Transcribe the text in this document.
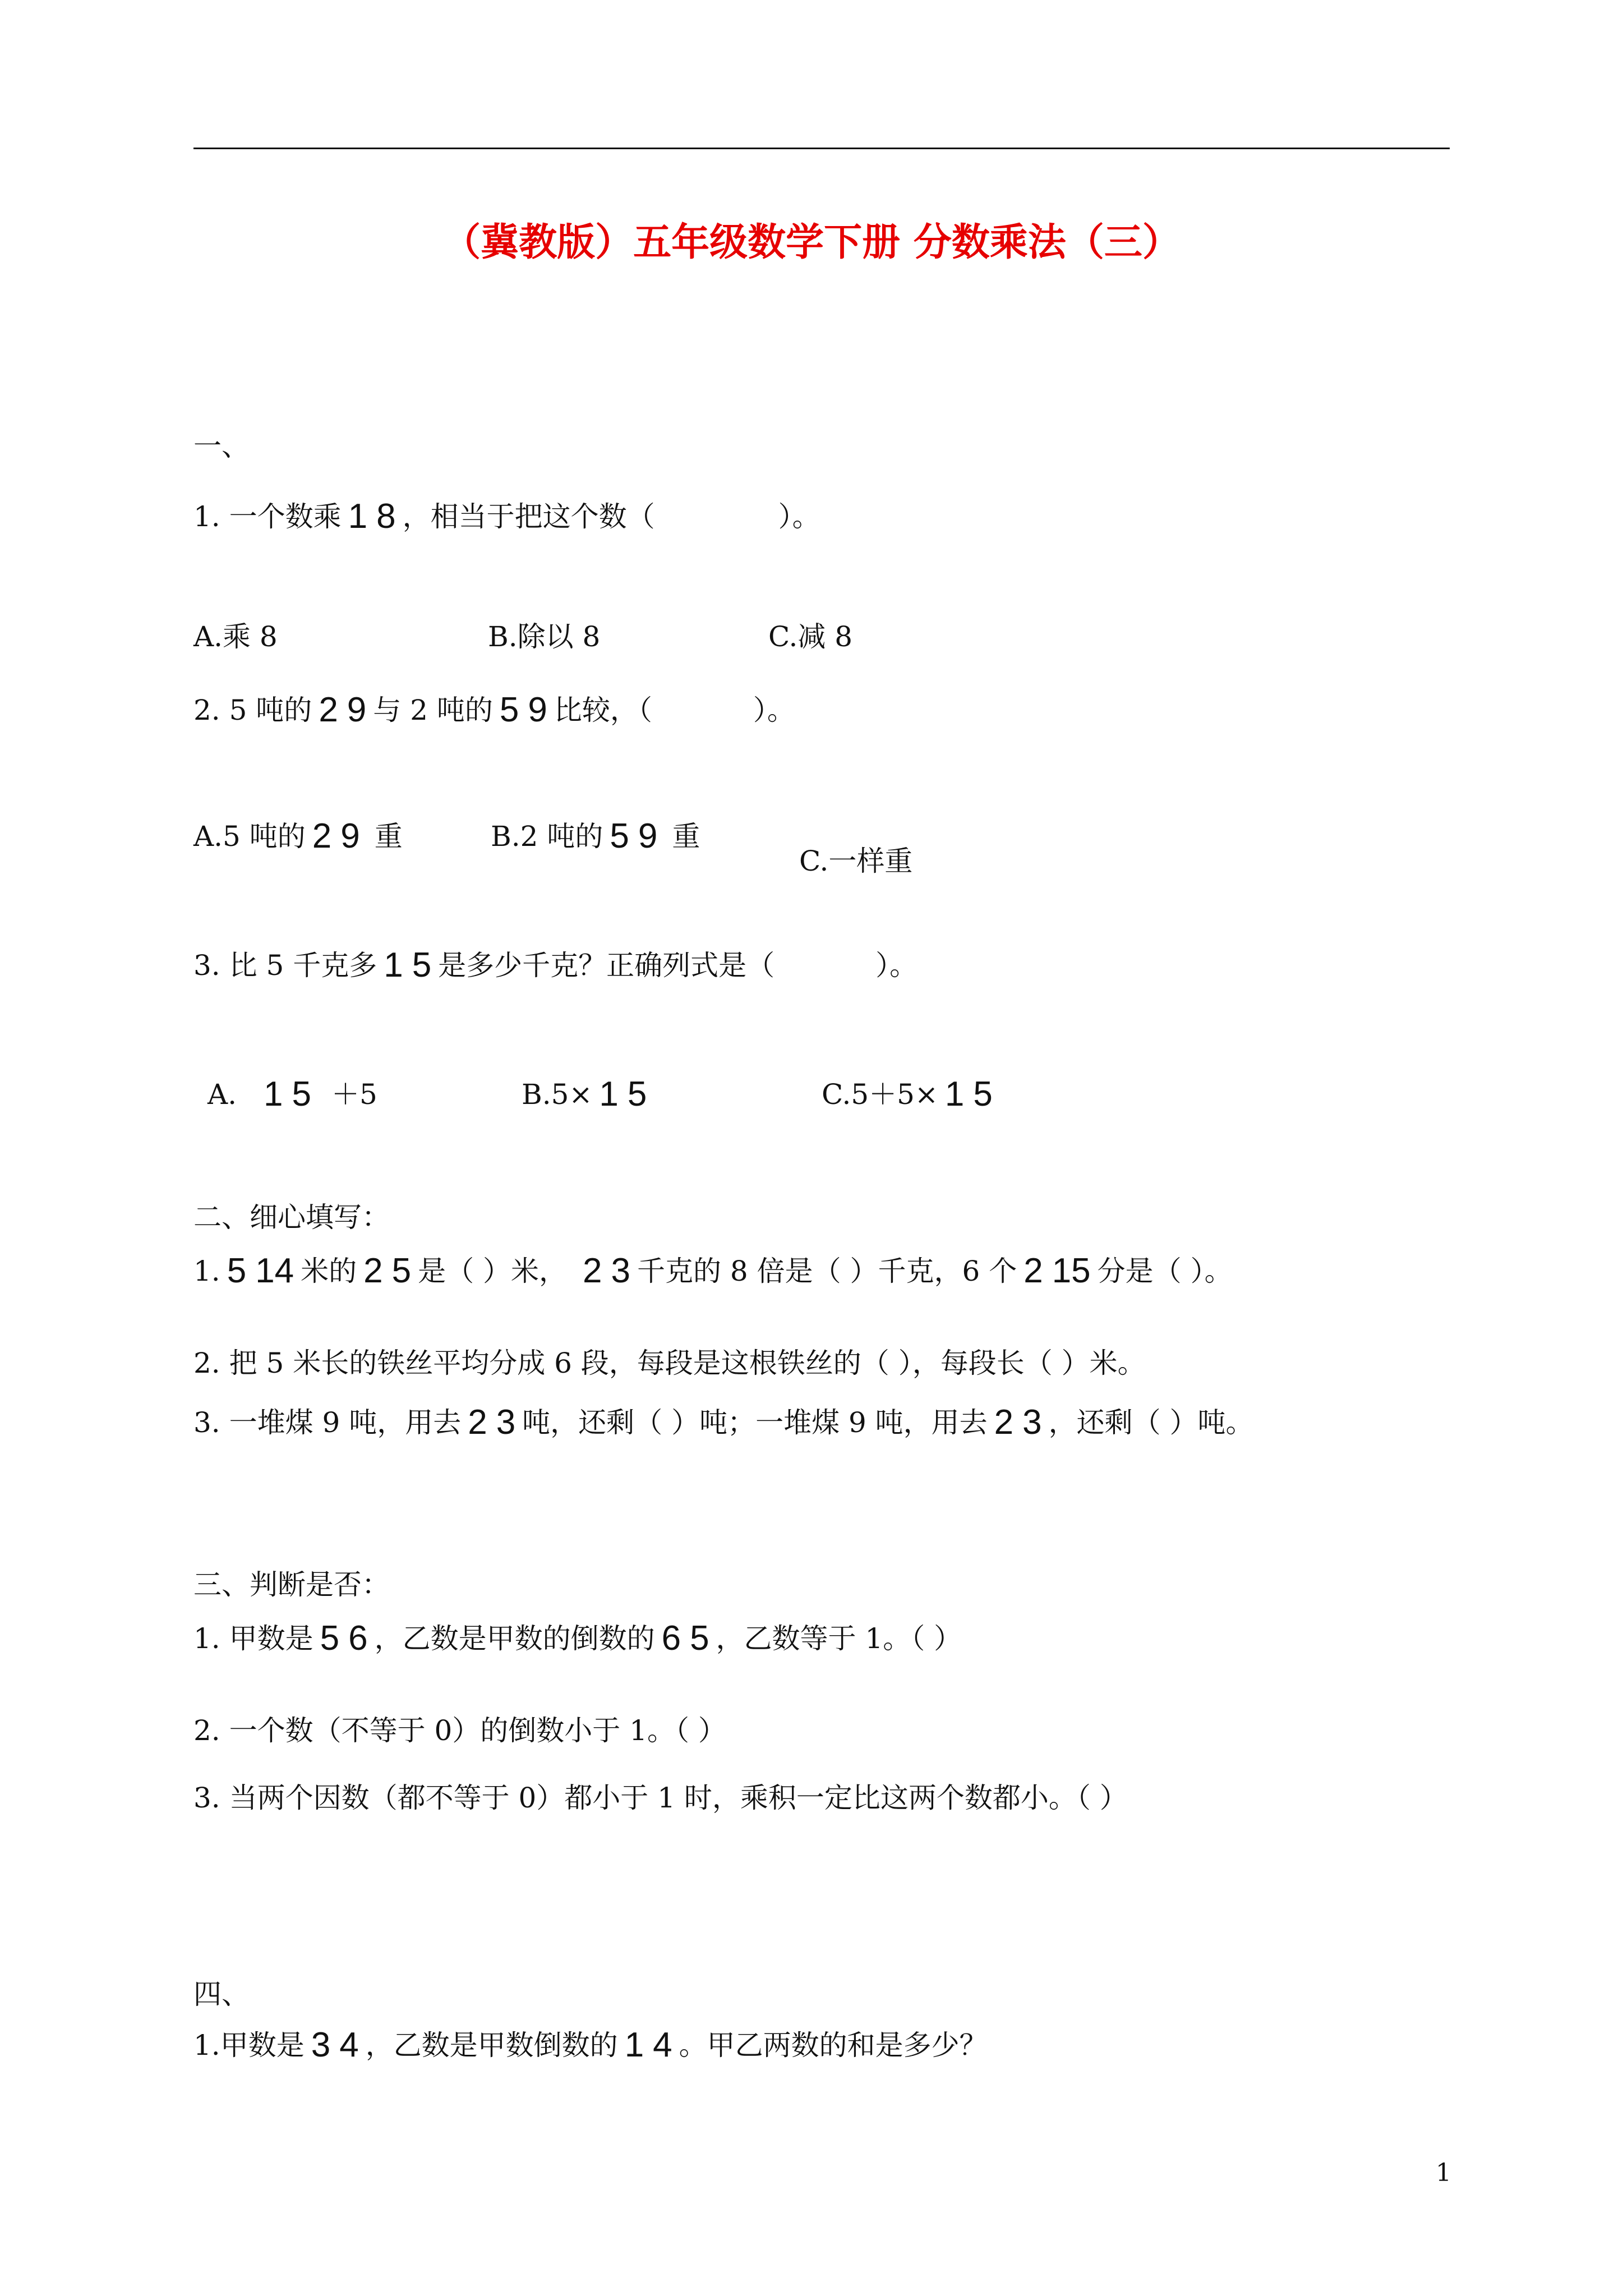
（冀教版）五年级数学下册 分数乘法（三）
一、
1. 一个数乘 1 8 ，相当于把这个数（	）。
A.乘 8	B.除以 8	C.减 8
2. 5 吨的 2 9 与 2 吨的 5 9 比较，（	）。
A.5 吨的 2 9 重	B.2 吨的 5 9 重
C.一样重
3. 比 5 千克多 1 5 是多少千克？正确列式是（	）。
A. 1 5 ＋5	B.5× 1 5	C.5＋5× 1 5
二、细心填写：
1. 5 14 米的 2 5 是（ ）米， 2 3 千克的 8 倍是（ ）千克，6 个 2 15 分是（ ）。
2. 把 5 米长的铁丝平均分成 6 段，每段是这根铁丝的（ ），每段长（ ）米。
3. 一堆煤 9 吨，用去 2 3 吨，还剩（ ）吨；一堆煤 9 吨，用去 2 3 ，还剩（ ）吨。
三、判断是否：
1. 甲数是 5 6 ，乙数是甲数的倒数的 6 5 ，乙数等于 1。（ ）
2. 一个数（不等于 0）的倒数小于 1。（ ）
3. 当两个因数（都不等于 0）都小于 1 时，乘积一定比这两个数都小。（ ）
四、
1.甲数是 3 4 ，乙数是甲数倒数的 1 4 。甲乙两数的和是多少？
1
